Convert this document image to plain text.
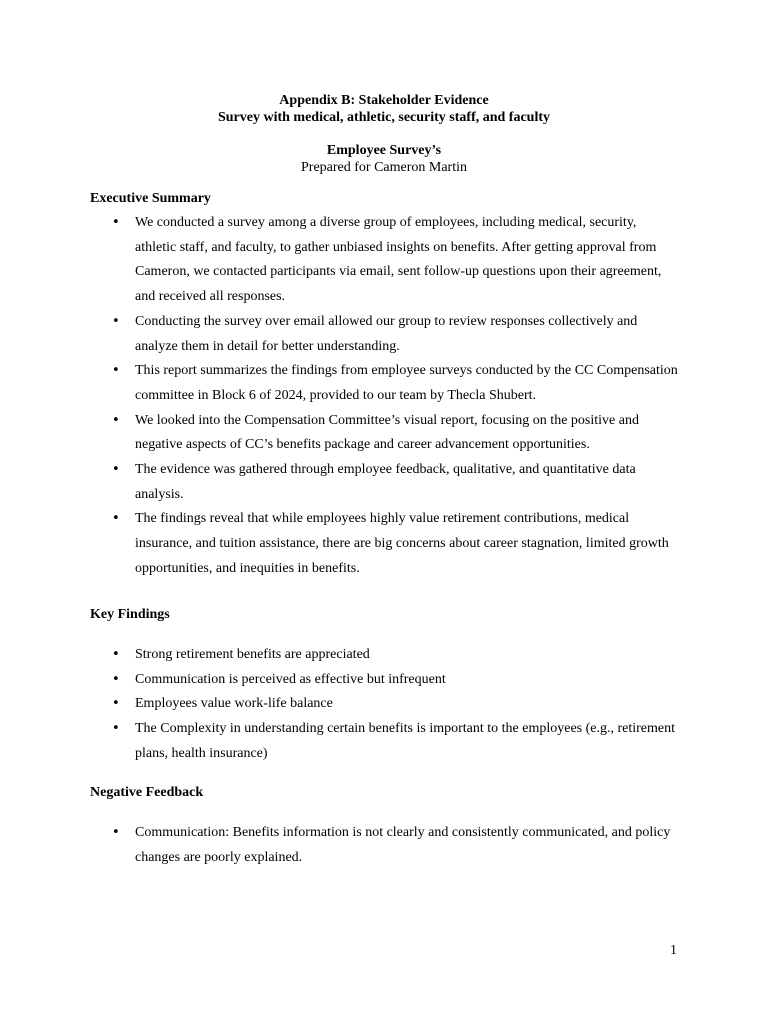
Appendix B: Stakeholder Evidence
Survey with medical, athletic, security staff, and faculty
Employee Survey’s
Prepared for Cameron Martin
Executive Summary
• We conducted a survey among a diverse group of employees, including medical, security, athletic staff, and faculty, to gather unbiased insights on benefits. After getting approval from Cameron, we contacted participants via email, sent follow-up questions upon their agreement, and received all responses.
• Conducting the survey over email allowed our group to review responses collectively and analyze them in detail for better understanding.
• This report summarizes the findings from employee surveys conducted by the CC Compensation committee in Block 6 of 2024, provided to our team by Thecla Shubert.
• We looked into the Compensation Committee’s visual report, focusing on the positive and negative aspects of CC’s benefits package and career advancement opportunities.
• The evidence was gathered through employee feedback, qualitative, and quantitative data analysis.
• The findings reveal that while employees highly value retirement contributions, medical insurance, and tuition assistance, there are big concerns about career stagnation, limited growth opportunities, and inequities in benefits.
Key Findings
• Strong retirement benefits are appreciated
• Communication is perceived as effective but infrequent
• Employees value work-life balance
• The Complexity in understanding certain benefits is important to the employees (e.g., retirement plans, health insurance)
Negative Feedback
• Communication: Benefits information is not clearly and consistently communicated, and policy changes are poorly explained.
1
